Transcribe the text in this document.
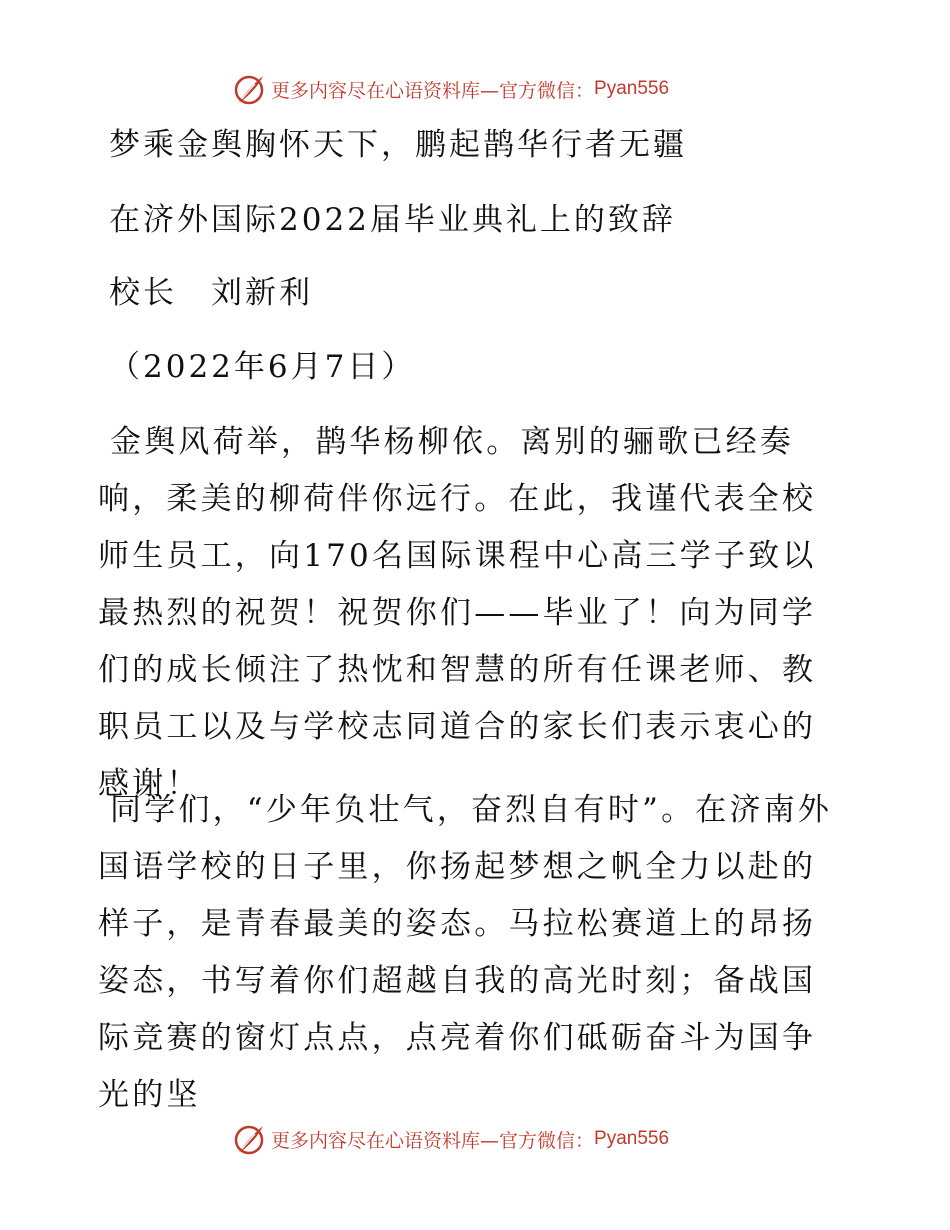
更多内容尽在心语资料库—官方微信： Pyan556
梦乘金舆胸怀天下，鹏起鹊华行者无疆
在济外国际2022届毕业典礼上的致辞
校长　刘新利
（2022年6月7日）
金舆风荷举，鹊华杨柳依。离别的骊歌已经奏响，柔美的柳荷伴你远行。在此，我谨代表全校师生员工，向170名国际课程中心高三学子致以最热烈的祝贺！祝贺你们——毕业了！向为同学们的成长倾注了热忱和智慧的所有任课老师、教职员工以及与学校志同道合的家长们表示衷心的感谢！
同学们，“少年负壮气，奋烈自有时”。在济南外国语学校的日子里，你扬起梦想之帆全力以赴的样子，是青春最美的姿态。马拉松赛道上的昂扬姿态，书写着你们超越自我的高光时刻；备战国际竞赛的窗灯点点，点亮着你们砥砺奋斗为国争光的坚
更多内容尽在心语资料库—官方微信： Pyan556
